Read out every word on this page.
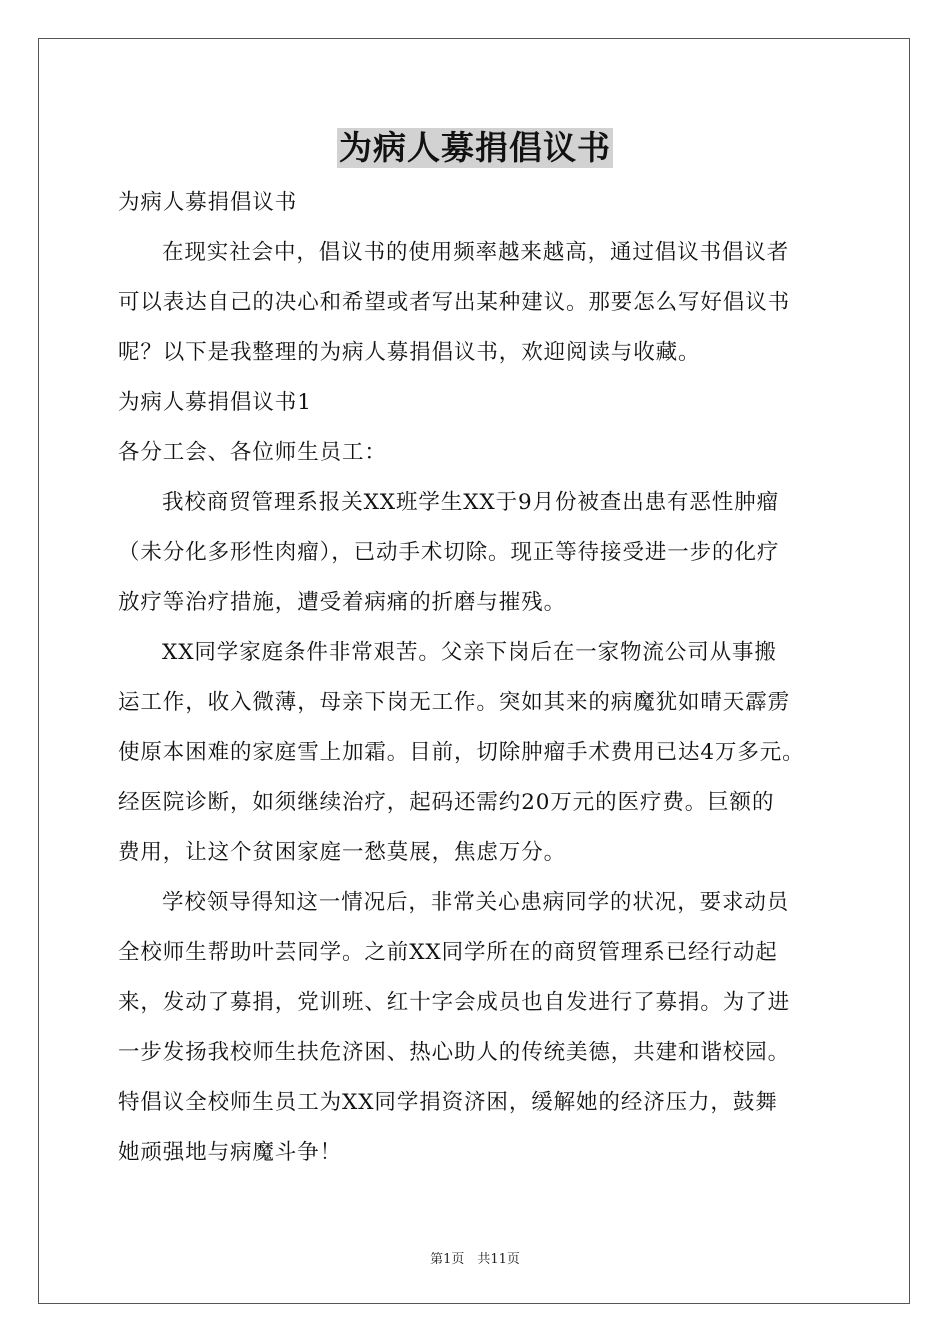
为病人募捐倡议书
为病人募捐倡议书
在现实社会中，倡议书的使用频率越来越高，通过倡议书倡议者
可以表达自己的决心和希望或者写出某种建议。那要怎么写好倡议书
呢？以下是我整理的为病人募捐倡议书，欢迎阅读与收藏。
为病人募捐倡议书1
各分工会、各位师生员工：
我校商贸管理系报关XX班学生XX于9月份被查出患有恶性肿瘤
（未分化多形性肉瘤），已动手术切除。现正等待接受进一步的化疗
放疗等治疗措施，遭受着病痛的折磨与摧残。
XX同学家庭条件非常艰苦。父亲下岗后在一家物流公司从事搬
运工作，收入微薄，母亲下岗无工作。突如其来的病魔犹如晴天霹雳
使原本困难的家庭雪上加霜。目前，切除肿瘤手术费用已达4万多元。
经医院诊断，如须继续治疗，起码还需约20万元的医疗费。巨额的
费用，让这个贫困家庭一愁莫展，焦虑万分。
学校领导得知这一情况后，非常关心患病同学的状况，要求动员
全校师生帮助叶芸同学。之前XX同学所在的商贸管理系已经行动起
来，发动了募捐，党训班、红十字会成员也自发进行了募捐。为了进
一步发扬我校师生扶危济困、热心助人的传统美德，共建和谐校园。
特倡议全校师生员工为XX同学捐资济困，缓解她的经济压力，鼓舞
她顽强地与病魔斗争！
第1页　共11页
